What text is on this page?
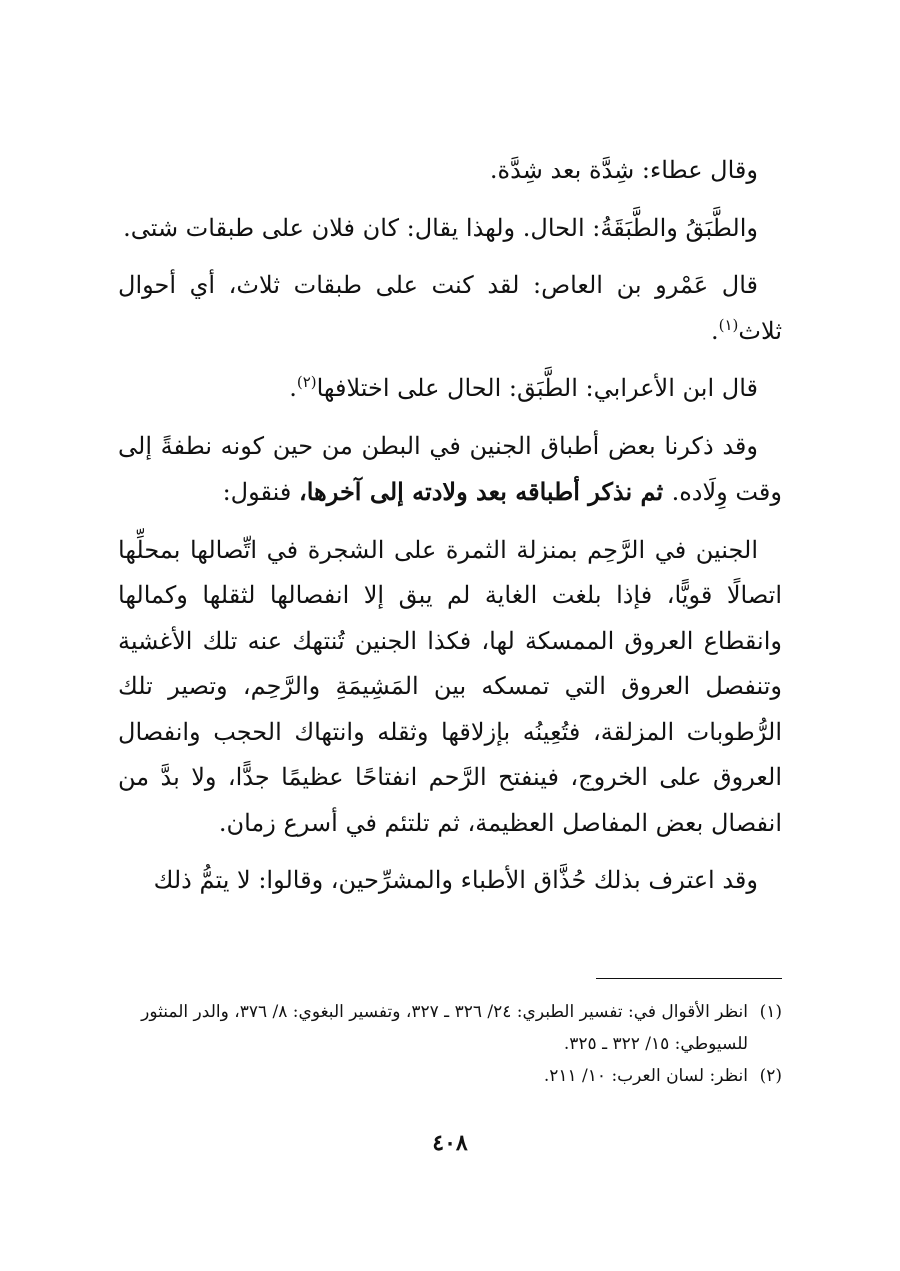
وقال عطاء: شِدَّة بعد شِدَّة.

والطَّبَقُ والطَّبَقَةُ: الحال. ولهذا يقال: كان فلان على طبقات شتى.

قال عَمْرو بن العاص: لقد كنت على طبقات ثلاث، أي أحوال ثلاث$^{(١)}$.

قال ابن الأعرابي: الطَّبَق: الحال على اختلافها$^{(٢)}$.

وقد ذكرنا بعض أطباق الجنين في البطن من حين كونه نطفةً إلى وقت وِلَاده. ثم نذكر أطباقه بعد ولادته إلى آخرها، فنقول:

الجنين في الرَّحِم بمنزلة الثمرة على الشجرة في اتِّصالها بمحلِّها اتصالًا قويًّا، فإذا بلغت الغاية لم يبق إلا انفصالها لثقلها وكمالها وانقطاع العروق الممسكة لها، فكذا الجنين تُنتهك عنه تلك الأغشية وتنفصل العروق التي تمسكه بين المَشِيمَةِ والرَّحِم، وتصير تلك الرُّطوبات المزلقة، فتُعِينُه بإزلاقها وثقله وانتهاك الحجب وانفصال العروق على الخروج، فينفتح الرَّحم انفتاحًا عظيمًا جدًّا، ولا بدَّ من انفصال بعض المفاصل العظيمة، ثم تلتئم في أسرع زمان.

وقد اعترف بذلك حُذَّاق الأطباء والمشرِّحين، وقالوا: لا يتمُّ ذلك

(١)
انظر الأقوال في: تفسير الطبري: ٢٤/ ٣٢٦ ـ ٣٢٧، وتفسير البغوي: ٨/ ٣٧٦، والدر المنثور للسيوطي: ١٥/ ٣٢٢ ـ ٣٢٥.
(٢)
انظر: لسان العرب: ١٠/ ٢١١.
٤٠٨
